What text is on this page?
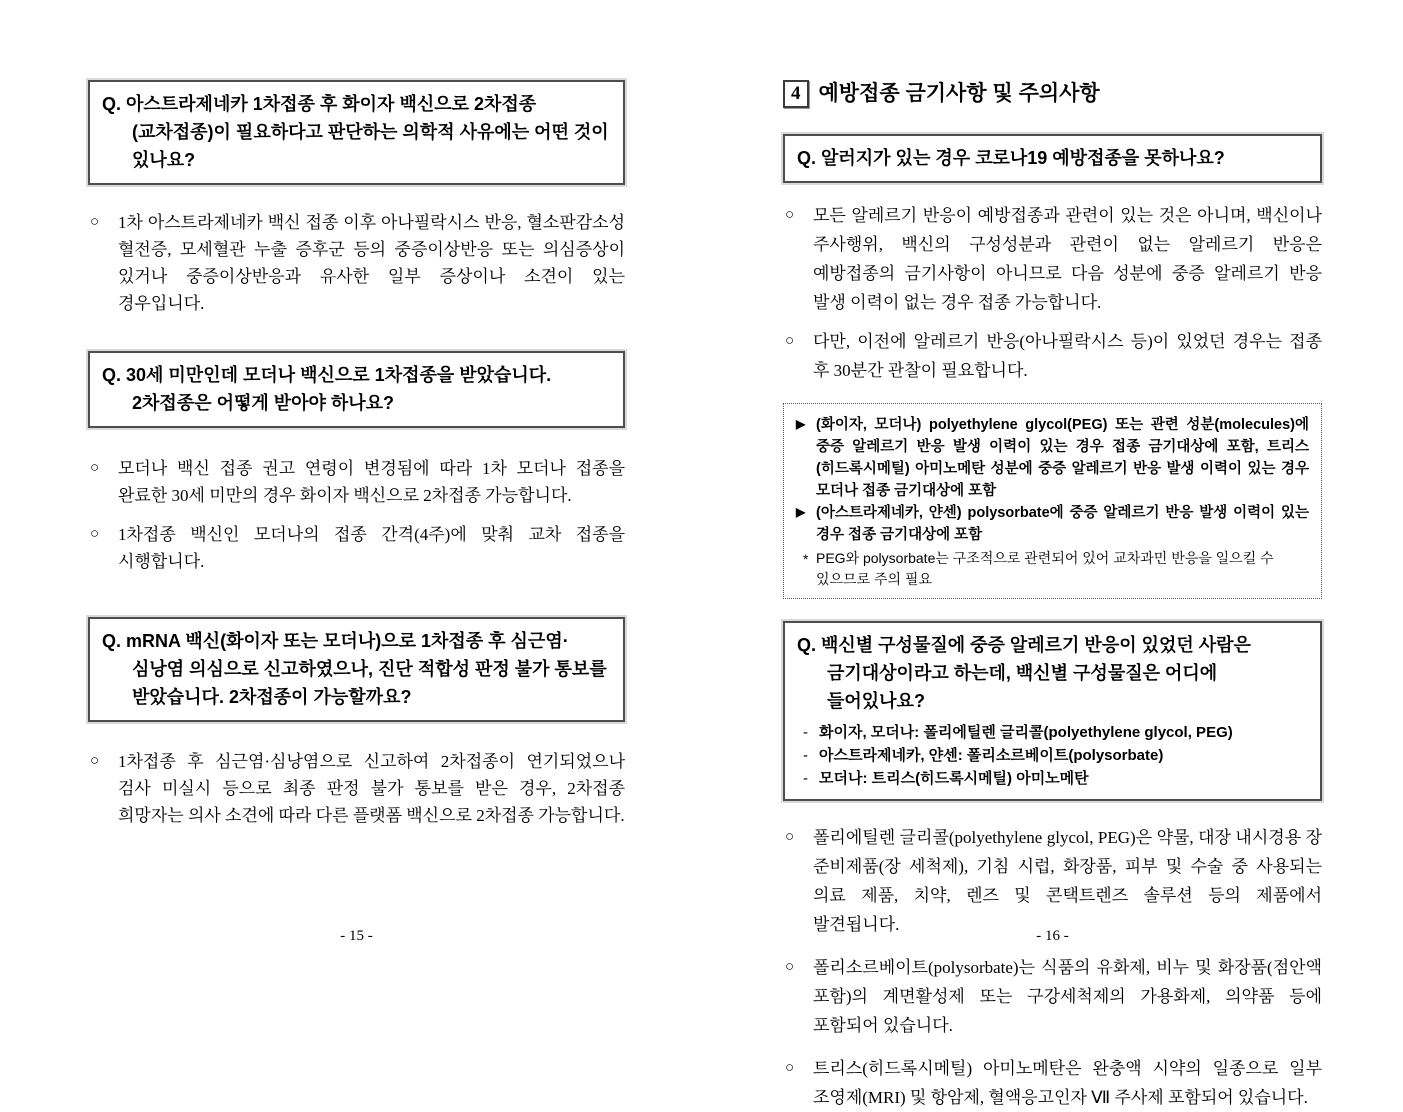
Q. 아스트라제네카 1차접종 후 화이자 백신으로 2차접종(교차접종)이 필요하다고 판단하는 의학적 사유에는 어떤 것이 있나요?
○ 1차 아스트라제네카 백신 접종 이후 아나필락시스 반응, 혈소판감소성 혈전증, 모세혈관 누출 증후군 등의 중증이상반응 또는 의심증상이 있거나 중증이상반응과 유사한 일부 증상이나 소견이 있는 경우입니다.
Q. 30세 미만인데 모더나 백신으로 1차접종을 받았습니다. 2차접종은 어떻게 받아야 하나요?
○ 모더나 백신 접종 권고 연령이 변경됨에 따라 1차 모더나 접종을 완료한 30세 미만의 경우 화이자 백신으로 2차접종 가능합니다.
○ 1차접종 백신인 모더나의 접종 간격(4주)에 맞춰 교차 접종을 시행합니다.
Q. mRNA 백신(화이자 또는 모더나)으로 1차접종 후 심근염·심낭염 의심으로 신고하였으나, 진단 적합성 판정 불가 통보를 받았습니다. 2차접종이 가능할까요?
○ 1차접종 후 심근염·심낭염으로 신고하여 2차접종이 연기되었으나 검사 미실시 등으로 최종 판정 불가 통보를 받은 경우, 2차접종 희망자는 의사 소견에 따라 다른 플랫폼 백신으로 2차접종 가능합니다.
- 15 -
4 예방접종 금기사항 및 주의사항
Q. 알러지가 있는 경우 코로나19 예방접종을 못하나요?
○ 모든 알레르기 반응이 예방접종과 관련이 있는 것은 아니며, 백신이나 주사행위, 백신의 구성성분과 관련이 없는 알레르기 반응은 예방접종의 금기사항이 아니므로 다음 성분에 중증 알레르기 반응 발생 이력이 없는 경우 접종 가능합니다.
○ 다만, 이전에 알레르기 반응(아나필락시스 등)이 있었던 경우는 접종 후 30분간 관찰이 필요합니다.
▶ (화이자, 모더나) polyethylene glycol(PEG) 또는 관련 성분(molecules)에 중증 알레르기 반응 발생 이력이 있는 경우 접종 금기대상에 포함, 트리스(히드록시메틸) 아미노메탄 성분에 중증 알레르기 반응 발생 이력이 있는 경우 모더나 접종 금기대상에 포함
▶ (아스트라제네카, 얀센) polysorbate에 중증 알레르기 반응 발생 이력이 있는 경우 접종 금기대상에 포함
* PEG와 polysorbate는 구조적으로 관련되어 있어 교차과민 반응을 일으킬 수 있으므로 주의 필요
Q. 백신별 구성물질에 중증 알레르기 반응이 있었던 사람은 금기대상이라고 하는데, 백신별 구성물질은 어디에 들어있나요?
- 화이자, 모더나: 폴리에틸렌 글리콜(polyethylene glycol, PEG)
- 아스트라제네카, 얀센: 폴리소르베이트(polysorbate)
- 모더나: 트리스(히드록시메틸) 아미노메탄
○ 폴리에틸렌 글리콜(polyethylene glycol, PEG)은 약물, 대장 내시경용 장 준비제품(장 세척제), 기침 시럽, 화장품, 피부 및 수술 중 사용되는 의료 제품, 치약, 렌즈 및 콘택트렌즈 솔루션 등의 제품에서 발견됩니다.
○ 폴리소르베이트(polysorbate)는 식품의 유화제, 비누 및 화장품(점안액 포함)의 계면활성제 또는 구강세척제의 가용화제, 의약품 등에 포함되어 있습니다.
○ 트리스(히드록시메틸) 아미노메탄은 완충액 시약의 일종으로 일부 조영제(MRI) 및 항암제, 혈액응고인자 Ⅶ 주사제 포함되어 있습니다.
- 16 -
